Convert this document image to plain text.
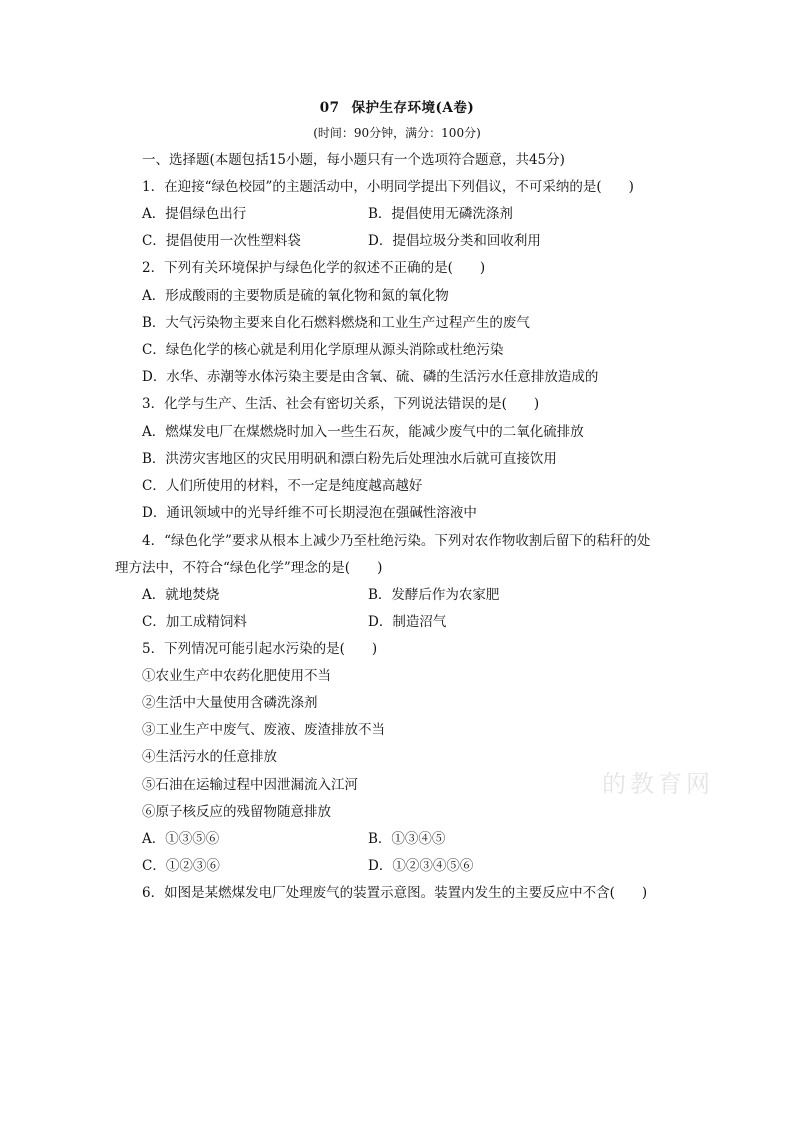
07 保护生存环境(A卷)
(时间：90分钟，满分：100分)
一、选择题(本题包括15小题，每小题只有一个选项符合题意，共45分)
1．在迎接“绿色校园”的主题活动中，小明同学提出下列倡议，不可采纳的是(　　)
A．提倡绿色出行	B．提倡使用无磷洗涤剂
C．提倡使用一次性塑料袋	D．提倡垃圾分类和回收利用
2．下列有关环境保护与绿色化学的叙述不正确的是(　　)
A．形成酸雨的主要物质是硫的氧化物和氮的氧化物
B．大气污染物主要来自化石燃料燃烧和工业生产过程产生的废气
C．绿色化学的核心就是利用化学原理从源头消除或杜绝污染
D．水华、赤潮等水体污染主要是由含氧、硫、磷的生活污水任意排放造成的
3．化学与生产、生活、社会有密切关系，下列说法错误的是(　　)
A．燃煤发电厂在煤燃烧时加入一些生石灰，能减少废气中的二氧化硫排放
B．洪涝灾害地区的灾民用明矾和漂白粉先后处理浊水后就可直接饮用
C．人们所使用的材料，不一定是纯度越高越好
D．通讯领域中的光导纤维不可长期浸泡在强碱性溶液中
4．“绿色化学”要求从根本上减少乃至杜绝污染。下列对农作物收割后留下的秸秆的处
理方法中，不符合“绿色化学”理念的是(　　)
A．就地焚烧	B．发酵后作为农家肥
C．加工成精饲料	D．制造沼气
5．下列情况可能引起水污染的是(　　)
①农业生产中农药化肥使用不当
②生活中大量使用含磷洗涤剂
③工业生产中废气、废液、废渣排放不当
④生活污水的任意排放
⑤石油在运输过程中因泄漏流入江河
⑥原子核反应的残留物随意排放
A．①③⑤⑥	B．①③④⑤
C．①②③⑥	D．①②③④⑤⑥
6．如图是某燃煤发电厂处理废气的装置示意图。装置内发生的主要反应中不含(　　)
的教育网
